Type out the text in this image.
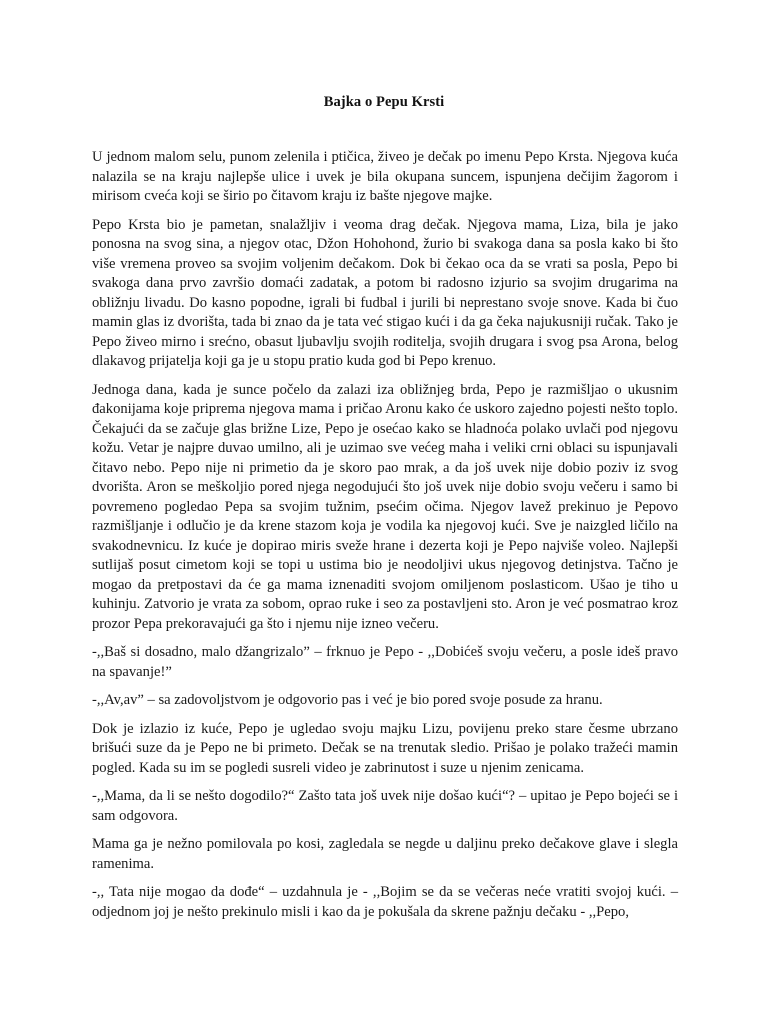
Bajka o Pepu Krsti

U jednom malom selu, punom zelenila i ptičica, živeo je dečak po imenu Pepo Krsta. Njegova kuća nalazila se na kraju najlepše ulice i uvek je bila okupana suncem, ispunjena dečijim žagorom i mirisom cveća koji se širio po čitavom kraju iz bašte njegove majke.

Pepo Krsta bio je pametan, snalažljiv i veoma drag dečak. Njegova mama, Liza, bila je jako ponosna na svog sina, a njegov otac, Džon Hohohond, žurio bi svakoga dana sa posla kako bi što više vremena proveo sa svojim voljenim dečakom. Dok bi čekao oca da se vrati sa posla, Pepo bi svakoga dana prvo završio domaći zadatak, a potom bi radosno izjurio sa svojim drugarima na obližnju livadu. Do kasno popodne, igrali bi fudbal i jurili bi neprestano svoje snove. Kada bi čuo mamin glas iz dvorišta, tada bi znao da je tata već stigao kući i da ga čeka najukusniji ručak. Tako je Pepo živeo mirno i srećno, obasut ljubavlju svojih roditelja, svojih drugara i svog psa Arona, belog dlakavog prijatelja koji ga je u stopu pratio kuda god bi Pepo krenuo.

Jednoga dana, kada je sunce počelo da zalazi iza obližnjeg brda, Pepo je razmišljao o ukusnim đakonijama koje priprema njegova mama i pričao Aronu kako će uskoro zajedno pojesti nešto toplo. Čekajući da se začuje glas brižne Lize, Pepo je osećao kako se hladnoća polako uvlači pod njegovu kožu. Vetar je najpre duvao umilno, ali je uzimao sve većeg maha i veliki crni oblaci su ispunjavali čitavo nebo. Pepo nije ni primetio da je skoro pao mrak, a da još uvek nije dobio poziv iz svog dvorišta. Aron se meškoljio pored njega negodujući što još uvek nije dobio svoju večeru i samo bi povremeno pogledao Pepa sa svojim tužnim, psećim očima. Njegov lavež prekinuo je Pepovo razmišljanje i odlučio je da krene stazom koja je vodila ka njegovoj kući. Sve je naizgled ličilo na svakodnevnicu. Iz kuće je dopirao miris sveže hrane i dezerta koji je Pepo najviše voleo. Najlepši sutlijaš posut cimetom koji se topi u ustima bio je neodoljivi ukus njegovog detinjstva. Tačno je mogao da pretpostavi da će ga mama iznenaditi svojom omiljenom poslasticom. Ušao je tiho u kuhinju. Zatvorio je vrata za sobom, oprao ruke i seo za postavljeni sto. Aron je već posmatrao kroz prozor Pepa prekoravajući ga što i njemu nije izneo večeru.

-,,Baš si dosadno, malo džangrizalo” – frknuo je Pepo - ,,Dobićeš svoju večeru, a posle ideš pravo na spavanje!”

-,,Av,av” – sa zadovoljstvom je odgovorio pas i već je bio pored svoje posude za hranu.

Dok je izlazio iz kuće, Pepo je ugledao svoju majku Lizu, povijenu preko stare česme ubrzano brišući suze da je Pepo ne bi primeto. Dečak se na trenutak sledio. Prišao je polako tražeći mamin pogled. Kada su im se pogledi susreli video je zabrinutost i suze u njenim zenicama.

-,,Mama, da li se nešto dogodilo?“ Zašto tata još uvek nije došao kući“? – upitao je Pepo bojeći se i sam odgovora.

Mama ga je nežno pomilovala po kosi, zagledala se negde u daljinu preko dečakove glave i slegla ramenima.

-,, Tata nije mogao da dođe“ – uzdahnula je - ,,Bojim se da se večeras neće vratiti svojoj kući. – odjednom joj je nešto prekinulo misli i kao da je pokušala da skrene pažnju dečaku - ,,Pepo,
